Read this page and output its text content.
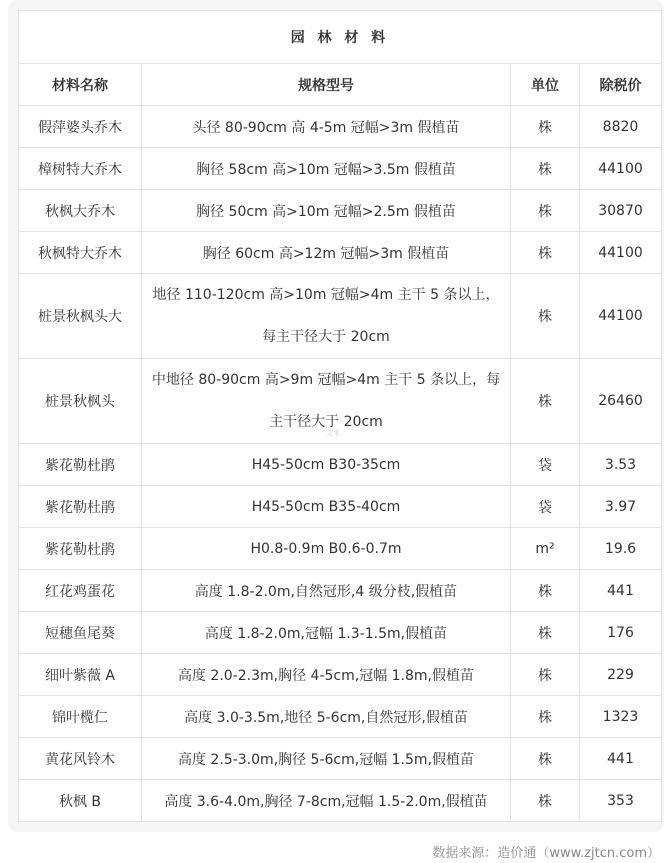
园 林 材 料			
材料名称	规格型号	单位	除税价
假萍婆头乔木	头径 80-90cm 高 4-5m 冠幅>3m 假植苗	株	8820
樟树特大乔木	胸径 58cm 高>10m 冠幅>3.5m 假植苗	株	44100
秋枫大乔木	胸径 50cm 高>10m 冠幅>2.5m 假植苗	株	30870
秋枫特大乔木	胸径 60cm 高>12m 冠幅>3m 假植苗	株	44100
桩景秋枫头大	地径 110-120cm 高>10m 冠幅>4m 主干 5 条以上，每主干径大于 20cm	株	44100
桩景秋枫头	中地径 80-90cm 高>9m 冠幅>4m 主干 5 条以上，每主干径大于 20cm	株	26460
紫花勒杜鹃	H45-50cm B30-35cm	袋	3.53
紫花勒杜鹃	H45-50cm B35-40cm	袋	3.97
紫花勒杜鹃	H0.8-0.9m B0.6-0.7m	m²	19.6
红花鸡蛋花	高度 1.8-2.0m,自然冠形,4 级分枝,假植苗	株	441
短穗鱼尾葵	高度 1.8-2.0m,冠幅 1.3-1.5m,假植苗	株	176
细叶紫薇 A	高度 2.0-2.3m,胸径 4-5cm,冠幅 1.8m,假植苗	株	229
锦叶榄仁	高度 3.0-3.5m,地径 5-6cm,自然冠形,假植苗	株	1323
黄花风铃木	高度 2.5-3.0m,胸径 5-6cm,冠幅 1.5m,假植苗	株	441
秋枫 B	高度 3.6-4.0m,胸径 7-8cm,冠幅 1.5-2.0m,假植苗	株	353
艾米
数据来源：造价通（www.zjtcn.com）
